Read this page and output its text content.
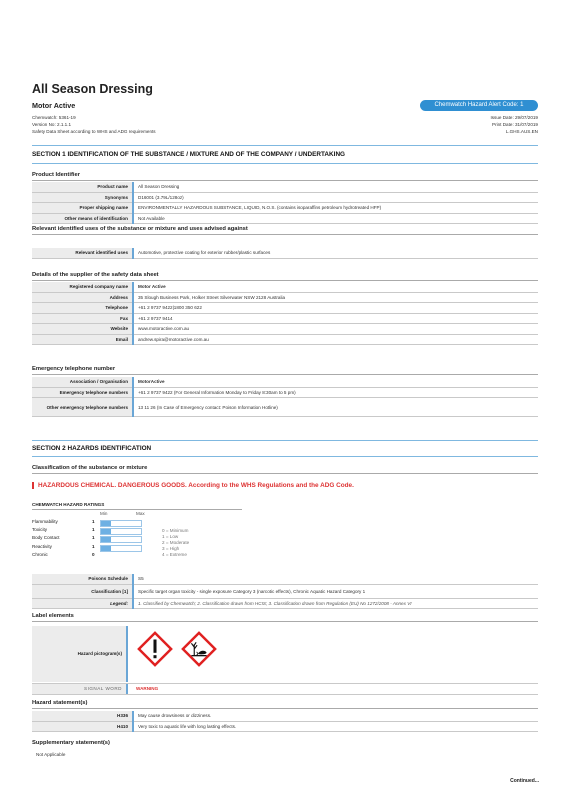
All Season Dressing
Motor Active	Chemwatch Hazard Alert Code: 1
Chemwatch: 5361-19
Version No: 2.1.1.1
Safety Data Sheet according to WHS and ADG requirements
Issue Date: 29/07/2019
Print Date: 31/07/2019
L.GHS.AUS.EN
SECTION 1 IDENTIFICATION OF THE SUBSTANCE / MIXTURE AND OF THE COMPANY / UNDERTAKING
Product Identifier
Product name	All Season Dressing
Synonyms	D16001 (3.79L/128oz)
Proper shipping name	ENVIRONMENTALLY HAZARDOUS SUBSTANCE, LIQUID, N.O.S. (contains isoparaffins petroleum hydrotreated HFP)
Other means of identification	Not Available
Relevant identified uses of the substance or mixture and uses advised against
Relevant identified uses	Automotive, protective coating for exterior rubber/plastic surfaces
Details of the supplier of the safety data sheet
Registered company name	Motor Active
Address	35 Slough Business Park, Holker Street Silverwater NSW 2128 Australia
Telephone	+61 2 9737 9422|1800 350 622
Fax	+61 2 9737 9414
Website	www.motoractive.com.au
Email	andrew.spira@motoractive.com.au
Emergency telephone number
Association / Organisation	MotorActive
Emergency telephone numbers	+61 2 9737 9422 (For General Information Monday to Friday 8:30am to 5 pm)
Other emergency telephone numbers	13 11 26 (In Case of Emergency contact: Poison Information Hotline)
SECTION 2 HAZARDS IDENTIFICATION
Classification of the substance or mixture
HAZARDOUS CHEMICAL. DANGEROUS GOODS. According to the WHS Regulations and the ADG Code.
CHEMWATCH HAZARD RATINGS
Min	Max
Flammability	1
Toxicity	1
Body Contact	1
Reactivity	1
Chronic	0
0 = Minimum
1 = Low
2 = Moderate
3 = High
4 = Extreme
Poisons Schedule	S5
Classification [1]	Specific target organ toxicity - single exposure Category 3 (narcotic effects), Chronic Aquatic Hazard Category 1
Legend:	1. Classified by Chemwatch; 2. Classification drawn from HCIS; 3. Classification drawn from Regulation (EU) No 1272/2008 - Annex VI
Label elements
Hazard pictogram(s)
SIGNAL WORD	WARNING
Hazard statement(s)
H336	May cause drowsiness or dizziness.
H410	Very toxic to aquatic life with long lasting effects.
Supplementary statement(s)
Not Applicable
Continued...
